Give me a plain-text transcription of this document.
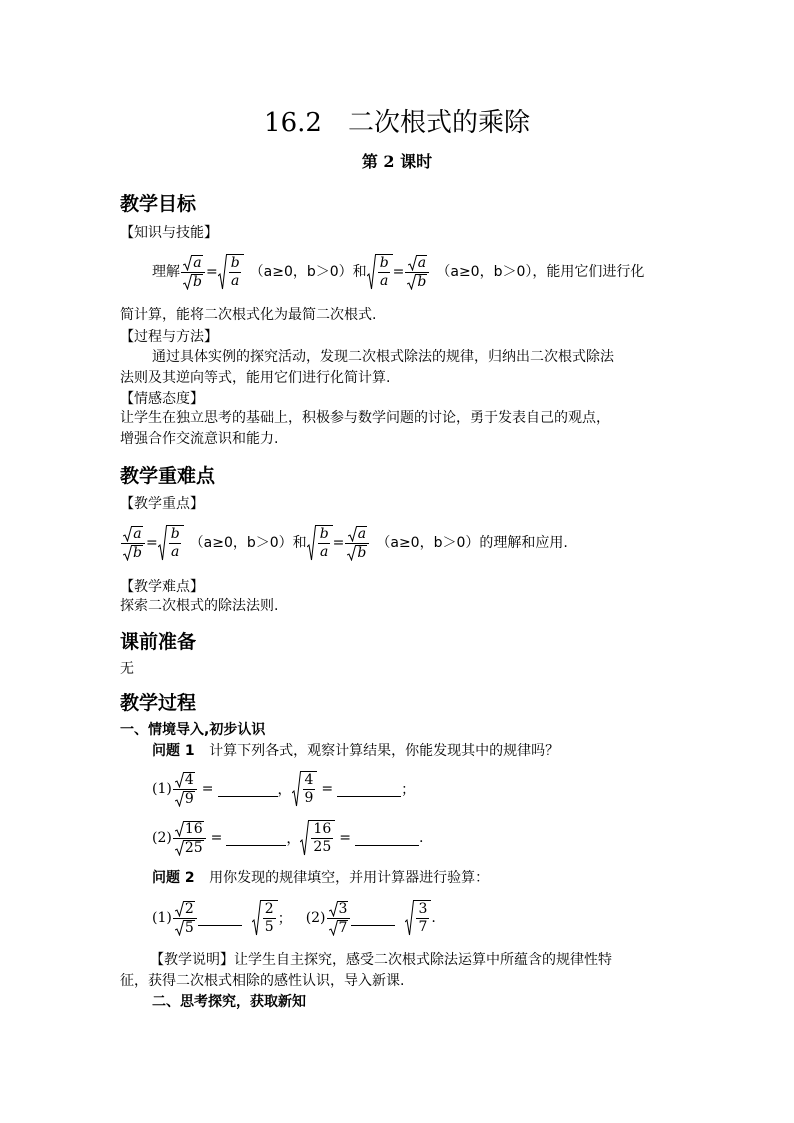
16.2　二次根式的乘除
第 2 课时
教学目标
【知识与技能】
理解 $\frac{a}{b} = \frac{b}{a} (a\ge 0$，b＞0）和 $\frac{b}{a} = \frac{a}{b} (a\ge 0$，b＞0），能用它们进行化
简计算，能将二次根式化为最简二次根式.
【过程与方法】
通过具体实例的探究活动，发现二次根式除法的规律，归纳出二次根式除法
法则及其逆向等式，能用它们进行化简计算.
【情感态度】
让学生在独立思考的基础上，积极参与数学问题的讨论，勇于发表自己的观点，
增强合作交流意识和能力.
教学重难点
【教学重点】
$\frac{a}{b} = \frac{b}{a} (a\ge 0$，b＞0）和 $\frac{b}{a} = \frac{a}{b} (a\ge 0$，b＞0）的理解和应用.
【教学难点】
探索二次根式的除法法则.
课前准备
无
教学过程
一、情境导入,初步认识
问题 1 计算下列各式，观察计算结果，你能发现其中的规律吗？
$(1) \frac{4}{9}$ =	， $\frac{4}{9}$ =	；
$(2) \frac{16}{25}$ =	， $\frac{16}{25}$ =	.
问题 2 用你发现的规律填空，并用计算器进行验算：
$(1) \frac{2}{5}$	$\frac{2}{5}$ ； $(2) \frac{3}{7}$	$\frac{3}{7}$ .
【教学说明】让学生自主探究，感受二次根式除法运算中所蕴含的规律性特
征，获得二次根式相除的感性认识，导入新课.
二、思考探究，获取新知
